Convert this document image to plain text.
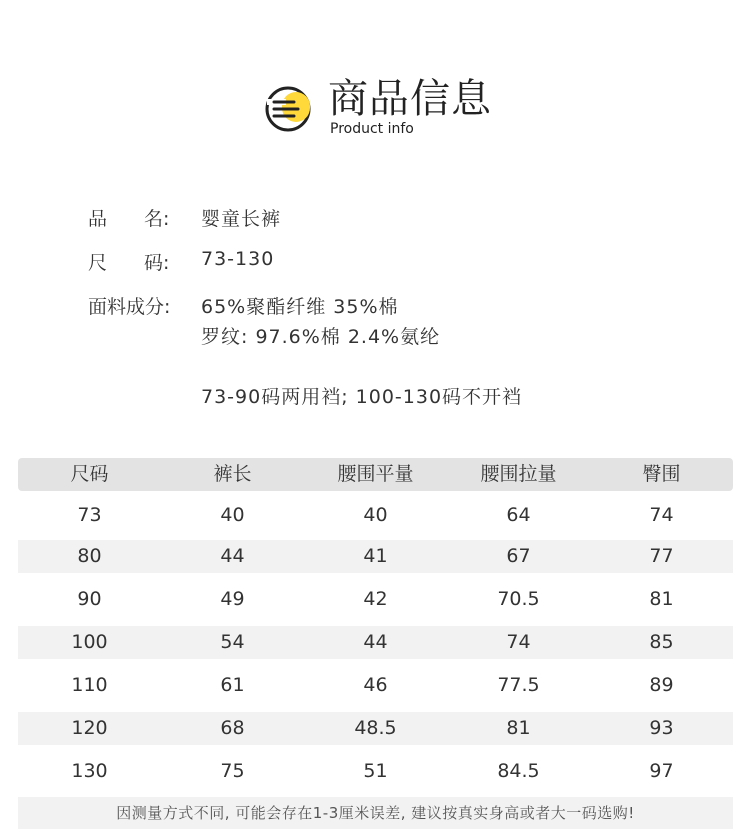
商品信息
Product info
品 名: 婴童长裤
尺 码: 73-130
面料成分: 65%聚酯纤维 35%棉
罗纹: 97.6%棉 2.4%氨纶
73-90码两用裆; 100-130码不开裆
尺码	裤长	腰围平量	腰围拉量	臀围
73	40	40	64	74
80	44	41	67	77
90	49	42	70.5	81
100	54	44	74	85
110	61	46	77.5	89
120	68	48.5	81	93
130	75	51	84.5	97
因测量方式不同, 可能会存在1-3厘米误差, 建议按真实身高或者大一码选购!
